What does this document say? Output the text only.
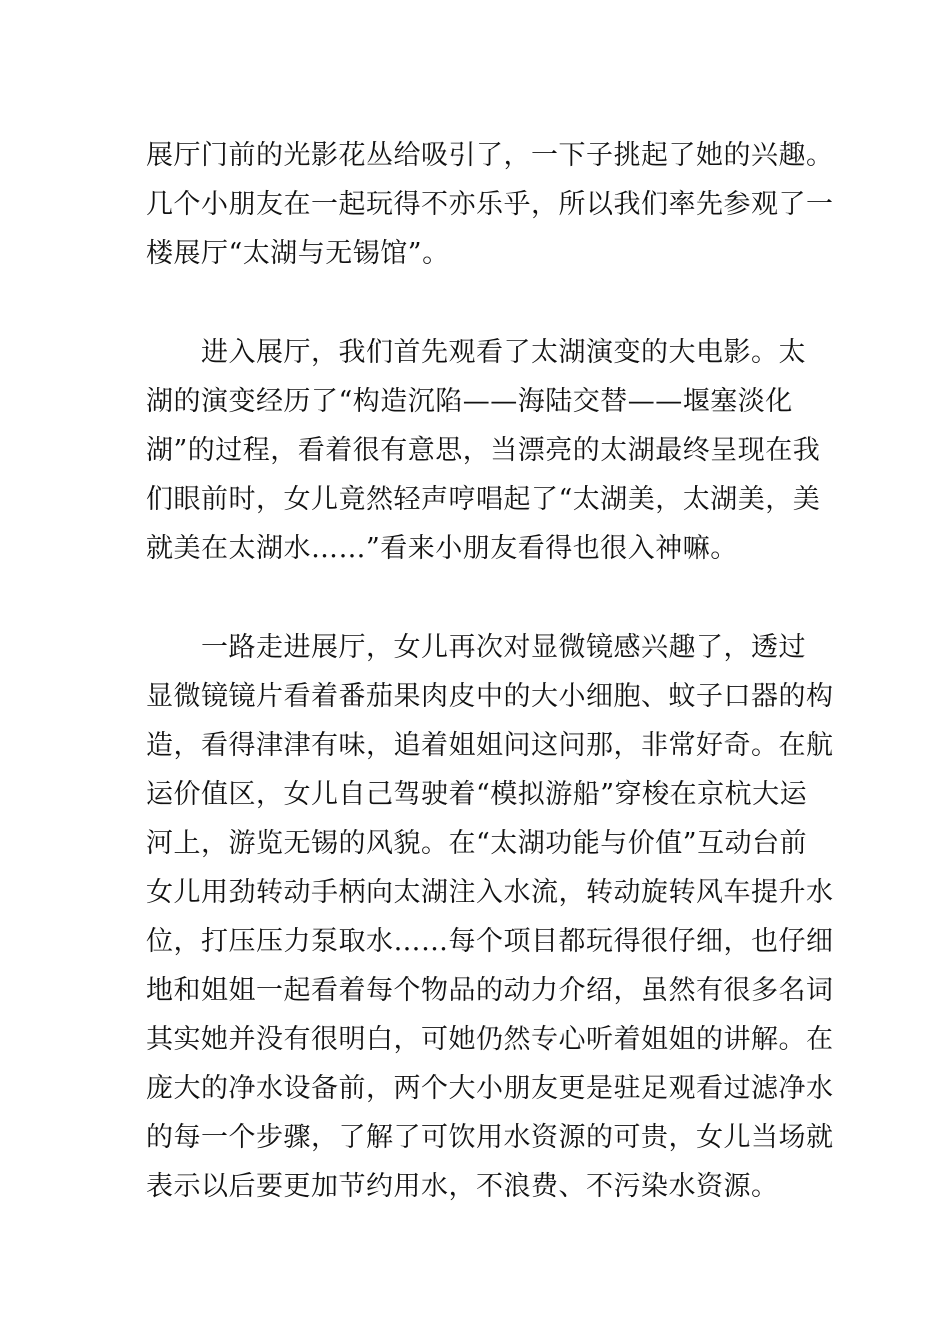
展厅门前的光影花丛给吸引了，一下子挑起了她的兴趣。
几个小朋友在一起玩得不亦乐乎，所以我们率先参观了一
楼展厅“太湖与无锡馆”。
　　进入展厅，我们首先观看了太湖演变的大电影。太
湖的演变经历了“构造沉陷——海陆交替——堰塞淡化
湖”的过程，看着很有意思，当漂亮的太湖最终呈现在我
们眼前时，女儿竟然轻声哼唱起了“太湖美，太湖美，美
就美在太湖水……”看来小朋友看得也很入神嘛。
　　一路走进展厅，女儿再次对显微镜感兴趣了，透过
显微镜镜片看着番茄果肉皮中的大小细胞、蚊子口器的构
造，看得津津有味，追着姐姐问这问那，非常好奇。在航
运价值区，女儿自己驾驶着“模拟游船”穿梭在京杭大运
河上，游览无锡的风貌。在“太湖功能与价值”互动台前
女儿用劲转动手柄向太湖注入水流，转动旋转风车提升水
位，打压压力泵取水……每个项目都玩得很仔细，也仔细
地和姐姐一起看着每个物品的动力介绍，虽然有很多名词
其实她并没有很明白，可她仍然专心听着姐姐的讲解。在
庞大的净水设备前，两个大小朋友更是驻足观看过滤净水
的每一个步骤，了解了可饮用水资源的可贵，女儿当场就
表示以后要更加节约用水，不浪费、不污染水资源。
